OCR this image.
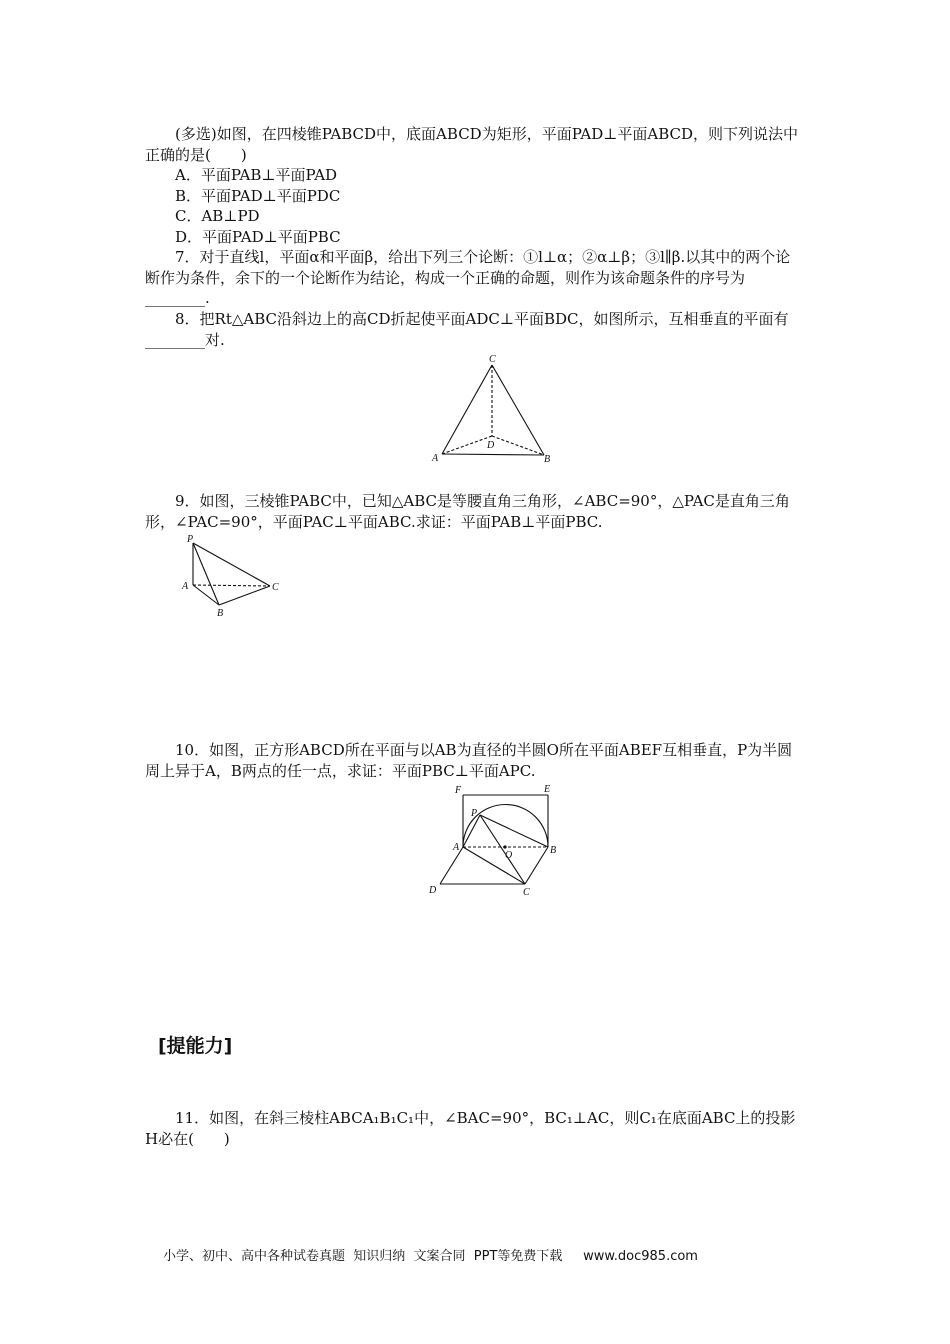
(多选)如图，在四棱锥PABCD中，底面ABCD为矩形，平面PAD⊥平面ABCD，则下列说法中正确的是(　　)

A．平面PAB⊥平面PAD

B．平面PAD⊥平面PDC

C．AB⊥PD

D．平面PAD⊥平面PBC

7．对于直线l，平面α和平面β，给出下列三个论断：①l⊥α；②α⊥β；③l∥β.以其中的两个论断作为条件，余下的一个论断作为结论，构成一个正确的命题，则作为该命题条件的序号为________.

8．把Rt△ABC沿斜边上的高CD折起使平面ADC⊥平面BDC，如图所示，互相垂直的平面有________对.

C
D
A	B

9．如图，三棱锥PABC中，已知△ABC是等腰直角三角形，∠ABC=90°，△PAC是直角三角形，∠PAC=90°，平面PAC⊥平面ABC.求证：平面PAB⊥平面PBC.

P
A	C
B

10．如图，正方形ABCD所在平面与以AB为直径的半圆O所在平面ABEF互相垂直，P为半圆周上异于A，B两点的任一点，求证：平面PBC⊥平面APC.

F	E
P
A
O	B
D	C
[提能力]

11．如图，在斜三棱柱ABCA₁B₁C₁中，∠BAC=90°，BC₁⊥AC，则C₁在底面ABC上的投影H必在(　　)

小学、初中、高中各种试卷真题  知识归纳  文案合同  PPT等免费下载     www.doc985.com
